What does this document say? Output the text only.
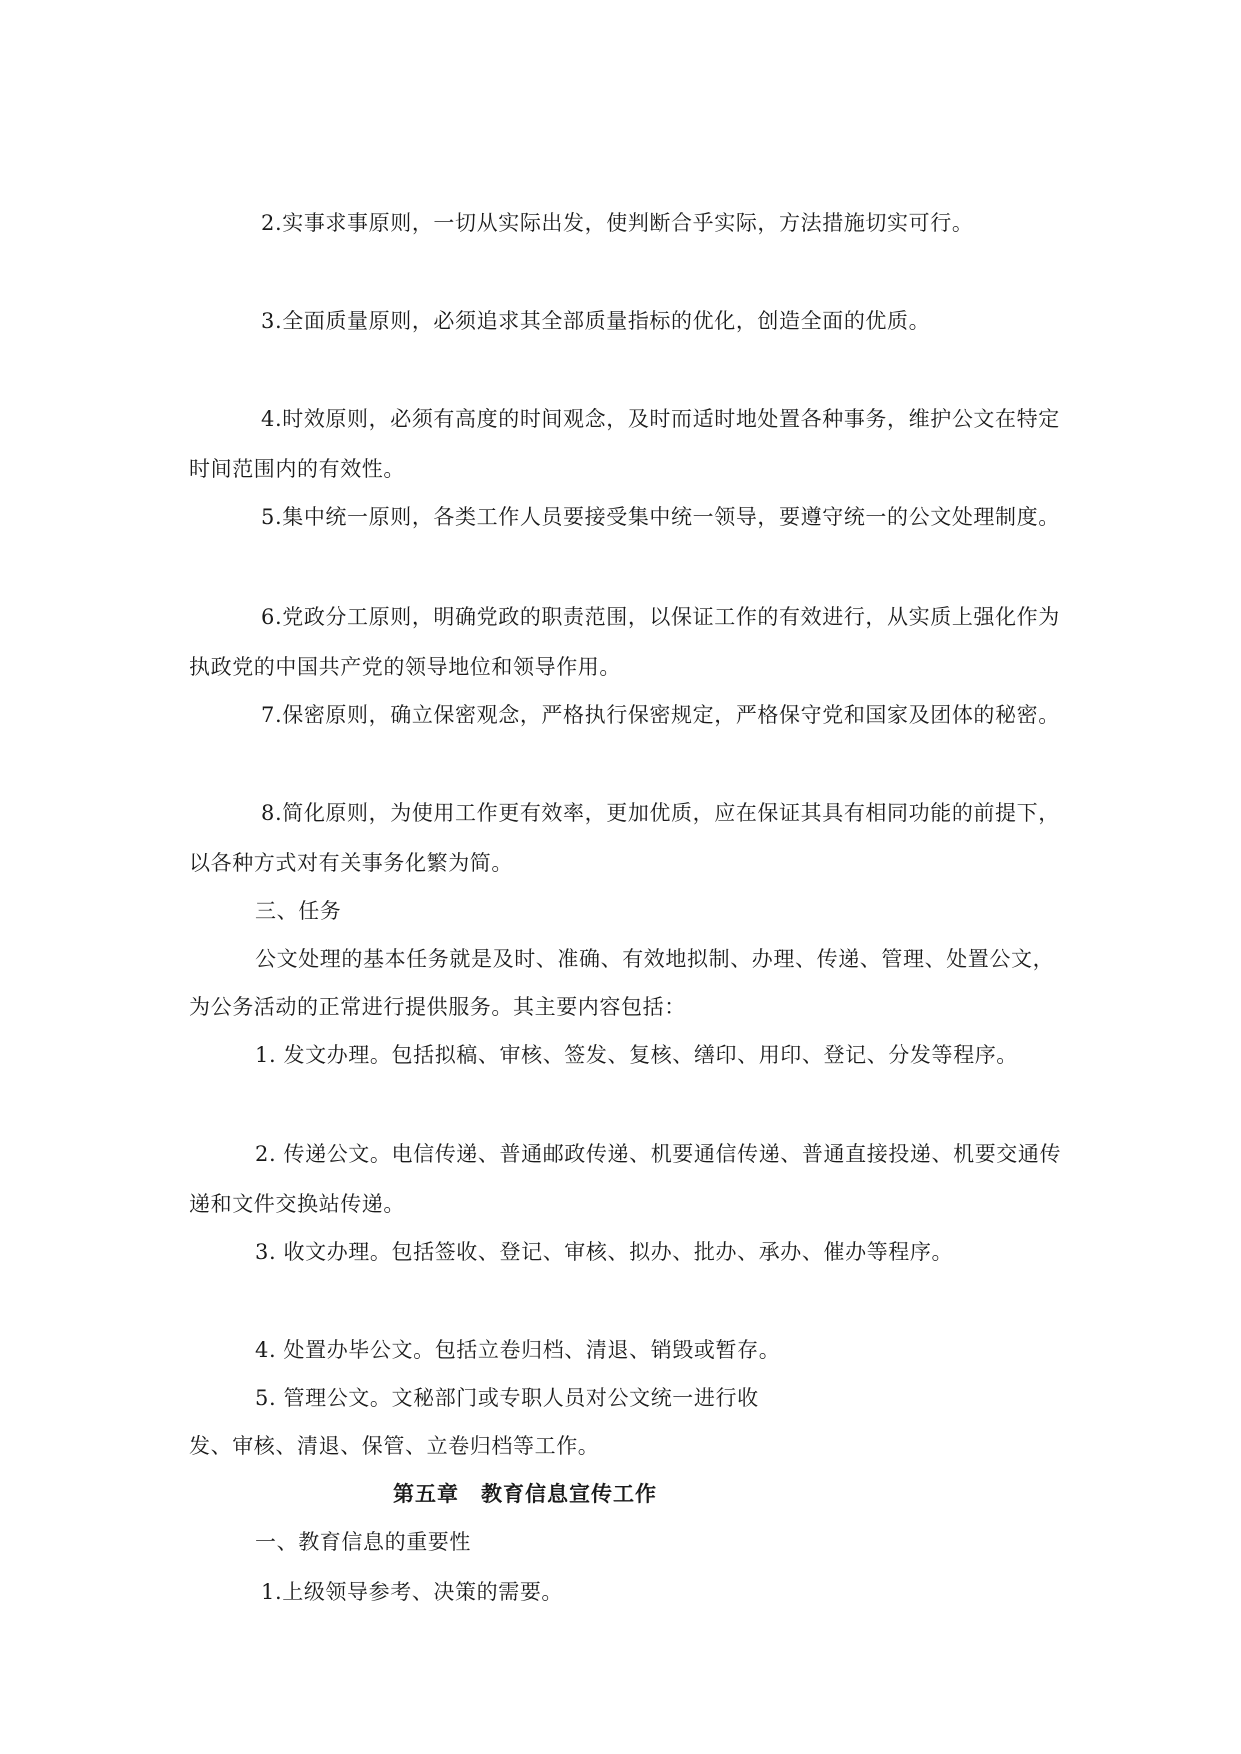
2.实事求事原则，一切从实际出发，使判断合乎实际，方法措施切实可行。

3.全面质量原则，必须追求其全部质量指标的优化，创造全面的优质。

4.时效原则，必须有高度的时间观念，及时而适时地处置各种事务，维护公文在特定

时间范围内的有效性。

5.集中统一原则，各类工作人员要接受集中统一领导，要遵守统一的公文处理制度。

6.党政分工原则，明确党政的职责范围，以保证工作的有效进行，从实质上强化作为

执政党的中国共产党的领导地位和领导作用。

7.保密原则，确立保密观念，严格执行保密规定，严格保守党和国家及团体的秘密。

8.简化原则，为使用工作更有效率，更加优质，应在保证其具有相同功能的前提下，

以各种方式对有关事务化繁为简。

三、任务

公文处理的基本任务就是及时、准确、有效地拟制、办理、传递、管理、处置公文，

为公务活动的正常进行提供服务。其主要内容包括：

1. 发文办理。包括拟稿、审核、签发、复核、缮印、用印、登记、分发等程序。

2. 传递公文。电信传递、普通邮政传递、机要通信传递、普通直接投递、机要交通传

递和文件交换站传递。

3. 收文办理。包括签收、登记、审核、拟办、批办、承办、催办等程序。

4. 处置办毕公文。包括立卷归档、清退、销毁或暂存。

5. 管理公文。文秘部门或专职人员对公文统一进行收

发、审核、清退、保管、立卷归档等工作。

第五章　教育信息宣传工作

一、教育信息的重要性

1.上级领导参考、决策的需要。
